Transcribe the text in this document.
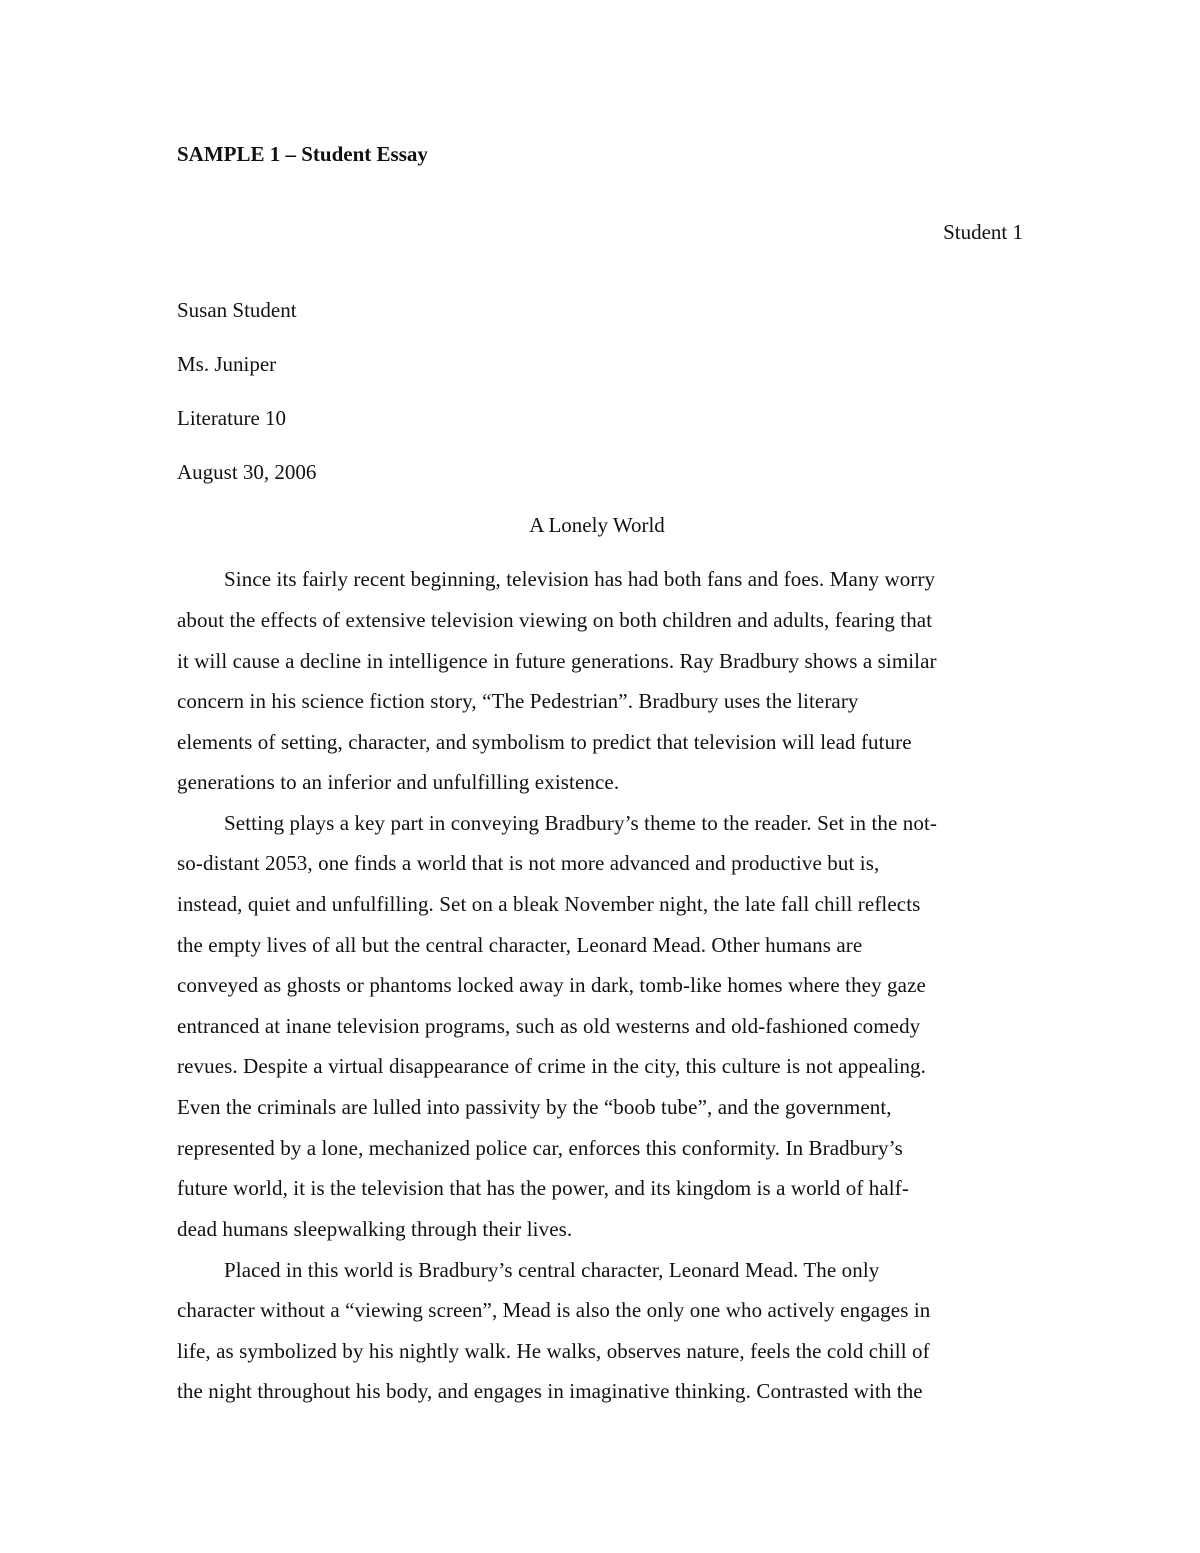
SAMPLE 1 – Student Essay
Student 1
Susan Student
Ms. Juniper
Literature 10
August 30, 2006
A Lonely World
Since its fairly recent beginning, television has had both fans and foes. Many worry
about the effects of extensive television viewing on both children and adults, fearing that
it will cause a decline in intelligence in future generations. Ray Bradbury shows a similar
concern in his science fiction story, “The Pedestrian”. Bradbury uses the literary
elements of setting, character, and symbolism to predict that television will lead future
generations to an inferior and unfulfilling existence.
Setting plays a key part in conveying Bradbury’s theme to the reader. Set in the not-
so-distant 2053, one finds a world that is not more advanced and productive but is,
instead, quiet and unfulfilling. Set on a bleak November night, the late fall chill reflects
the empty lives of all but the central character, Leonard Mead. Other humans are
conveyed as ghosts or phantoms locked away in dark, tomb-like homes where they gaze
entranced at inane television programs, such as old westerns and old-fashioned comedy
revues. Despite a virtual disappearance of crime in the city, this culture is not appealing.
Even the criminals are lulled into passivity by the “boob tube”, and the government,
represented by a lone, mechanized police car, enforces this conformity. In Bradbury’s
future world, it is the television that has the power, and its kingdom is a world of half-
dead humans sleepwalking through their lives.
Placed in this world is Bradbury’s central character, Leonard Mead. The only
character without a “viewing screen”, Mead is also the only one who actively engages in
life, as symbolized by his nightly walk. He walks, observes nature, feels the cold chill of
the night throughout his body, and engages in imaginative thinking. Contrasted with the
